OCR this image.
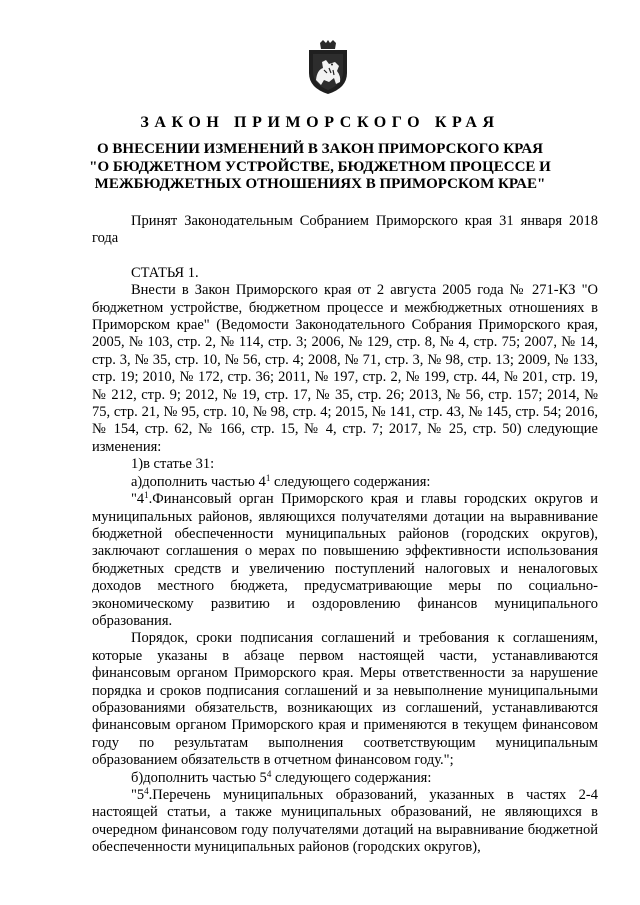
ЗАКОН ПРИМОРСКОГО КРАЯ
О ВНЕСЕНИИ ИЗМЕНЕНИЙ В ЗАКОН ПРИМОРСКОГО КРАЯ
"О БЮДЖЕТНОМ УСТРОЙСТВЕ, БЮДЖЕТНОМ ПРОЦЕССЕ И
МЕЖБЮДЖЕТНЫХ ОТНОШЕНИЯХ В ПРИМОРСКОМ КРАЕ"

Принят Законодательным Собранием Приморского края 31 января 2018 года

СТАТЬЯ 1.

Внести в Закон Приморского края от 2 августа 2005 года № 271-КЗ "О бюджетном устройстве, бюджетном процессе и межбюджетных отношениях в Приморском крае" (Ведомости Законодательного Собрания Приморского края, 2005, № 103, стр. 2, № 114, стр. 3; 2006, № 129, стр. 8, № 4, стр. 75; 2007, № 14, стр. 3, № 35, стр. 10, № 56, стр. 4; 2008, № 71, стр. 3, № 98, стр. 13; 2009, № 133, стр. 19; 2010, № 172, стр. 36; 2011, № 197, стр. 2, № 199, стр. 44, № 201, стр. 19, № 212, стр. 9; 2012, № 19, стр. 17, № 35, стр. 26; 2013, № 56, стр. 157; 2014, № 75, стр. 21, № 95, стр. 10, № 98, стр. 4; 2015, № 141, стр. 43, № 145, стр. 54; 2016, № 154, стр. 62, № 166, стр. 15, № 4, стр. 7; 2017, № 25, стр. 50) следующие изменения:

1)в статье 31:

а)дополнить частью $4^1$ следующего содержания:

"$4^1.Финансовый$ орган Приморского края и главы городских округов и муниципальных районов, являющихся получателями дотации на выравнивание бюджетной обеспеченности муниципальных районов (городских округов), заключают соглашения о мерах по повышению эффективности использования бюджетных средств и увеличению поступлений налоговых и неналоговых доходов местного бюджета, предусматривающие меры по социально-экономическому развитию и оздоровлению финансов муниципального образования.

Порядок, сроки подписания соглашений и требования к соглашениям, которые указаны в абзаце первом настоящей части, устанавливаются финансовым органом Приморского края. Меры ответственности за нарушение порядка и сроков подписания соглашений и за невыполнение муниципальными образованиями обязательств, возникающих из соглашений, устанавливаются финансовым органом Приморского края и применяются в текущем финансовом году по результатам выполнения соответствующим муниципальным образованием обязательств в отчетном финансовом году.";

б)дополнить частью $5^4$ следующего содержания:

"$5^4.Перечень$ муниципальных образований, указанных в частях 2-4 настоящей статьи, а также муниципальных образований, не являющихся в очередном финансовом году получателями дотаций на выравнивание бюджетной обеспеченности муниципальных районов (городских округов),
